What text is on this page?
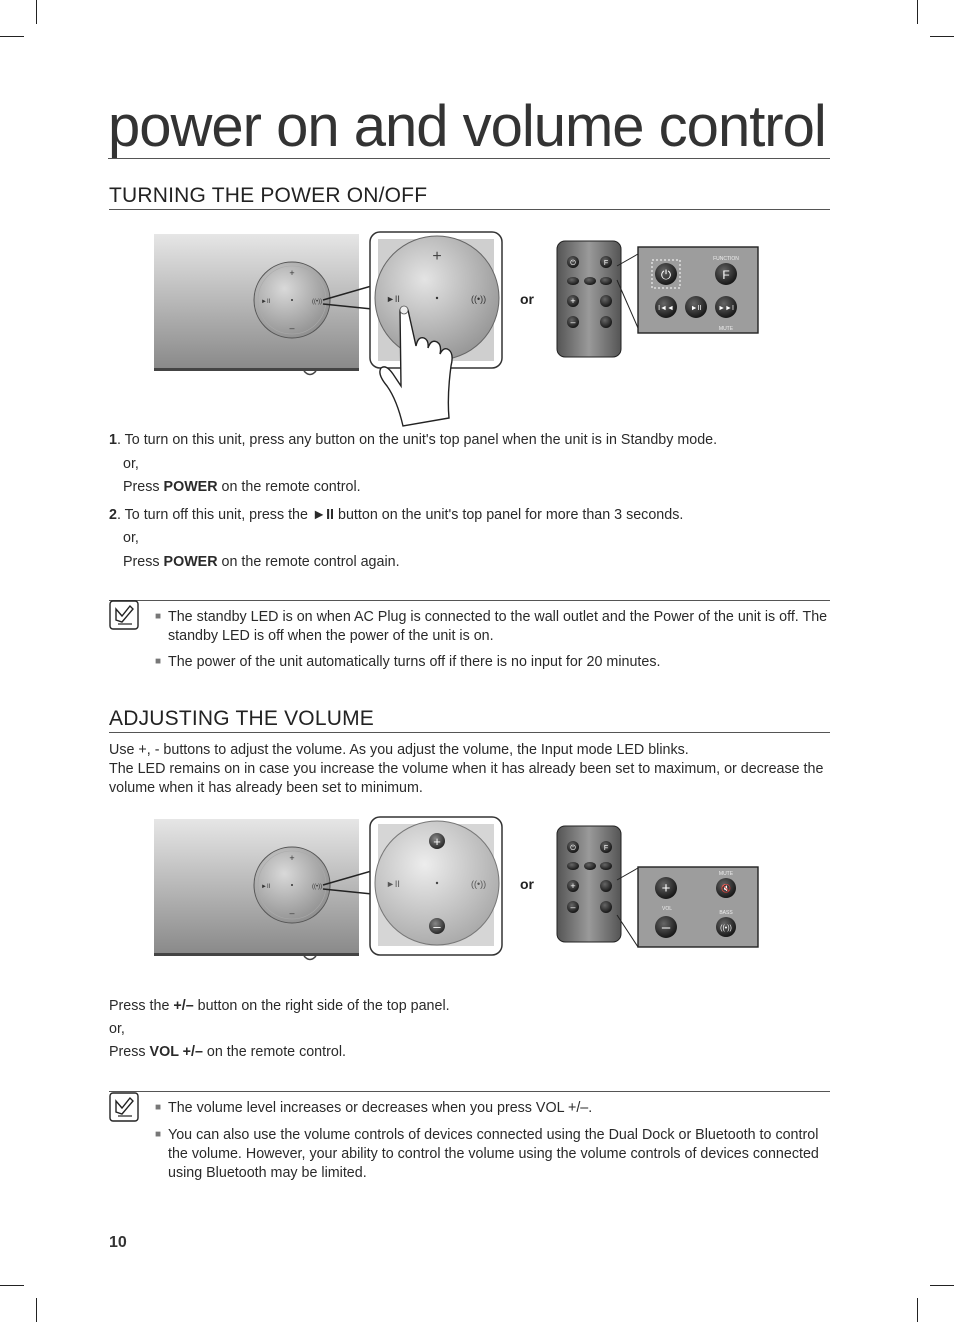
power on and volume control
TURNING THE POWER ON/OFF
+
–
►II	((•))
+
►II	((•)) or
⏻	F
+
–
⏻
FUNCTION
F
I◄◄ ►II ►►I
MUTE
1. To turn on this unit, press any button on the unit's top panel when the unit is in Standby mode.
or,
Press POWER on the remote control.
2. To turn off this unit, press the ►II button on the unit's top panel for more than 3 seconds.
or,
Press POWER on the remote control again.
■ The standby LED is on when AC Plug is connected to the wall outlet and the Power of the unit is off. The
standby LED is off when the power of the unit is on.
■ The power of the unit automatically turns off if there is no input for 20 minutes.
ADJUSTING THE VOLUME
Use +, - buttons to adjust the volume. As you adjust the volume, the Input mode LED blinks.
The LED remains on in case you increase the volume when it has already been set to maximum, or decrease the
volume when it has already been set to minimum.
+
–
►II	((•))
+
–
►II	((•)) or
⏻	F
+
–
MUTE
+	🔇
VOL
BASS
–	((•))
Press the +/– button on the right side of the top panel.
or,
Press VOL +/– on the remote control.
■ The volume level increases or decreases when you press VOL +/–.
■ You can also use the volume controls of devices connected using the Dual Dock or Bluetooth to control
the volume. However, your ability to control the volume using the volume controls of devices connected
using Bluetooth may be limited.
10
